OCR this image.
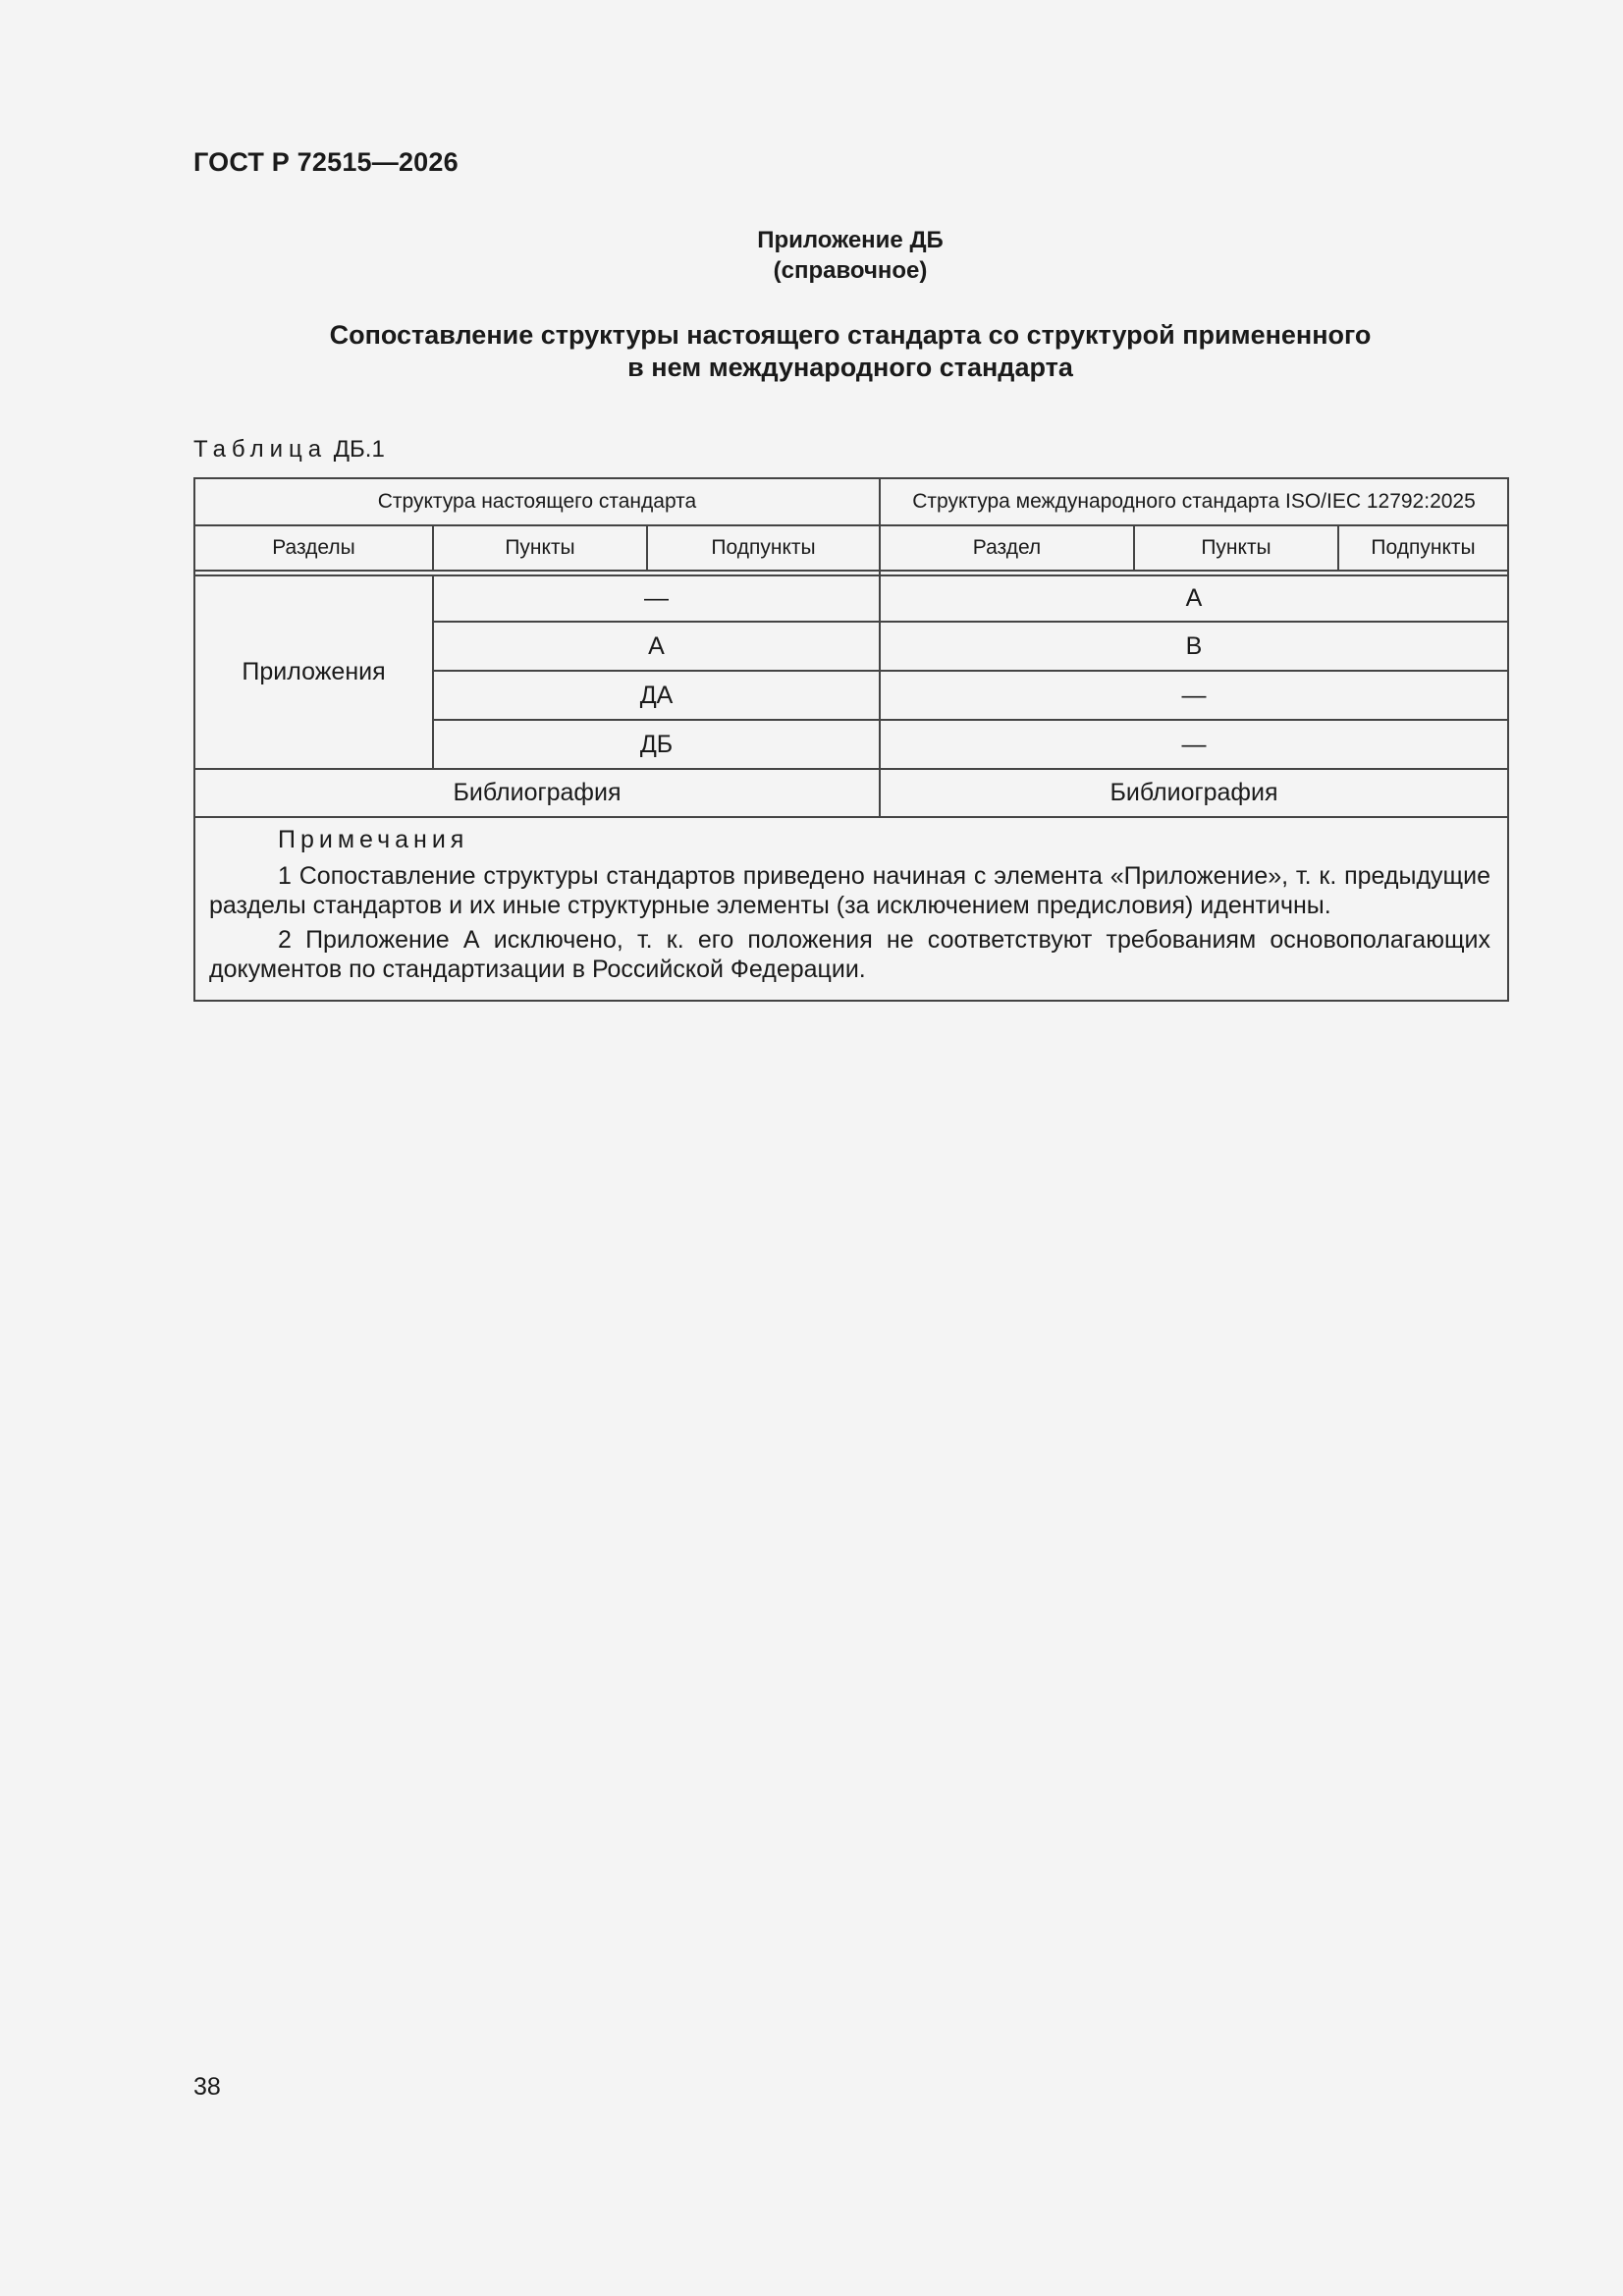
ГОСТ Р 72515—2026
Приложение ДБ
(справочное)
Сопоставление структуры настоящего стандарта со структурой примененного
в нем международного стандарта
Таблица ДБ.1
Структура настоящего стандарта	Структура международного стандарта ISO/IEC 12792:2025
Разделы	Пункты	Подпункты	Раздел	Пункты	Подпункты
Приложения
—	А
А	В
ДА	—
ДБ	—
Библиография	Библиография
Примечания

1 Сопоставление структуры стандартов приведено начиная с элемента «Приложение», т. к. предыдущие разделы стандартов и их иные структурные элементы (за исключением предисловия) идентичны.

2 Приложение А исключено, т. к. его положения не соответствуют требованиям основополагающих документов по стандартизации в Российской Федерации.

38
